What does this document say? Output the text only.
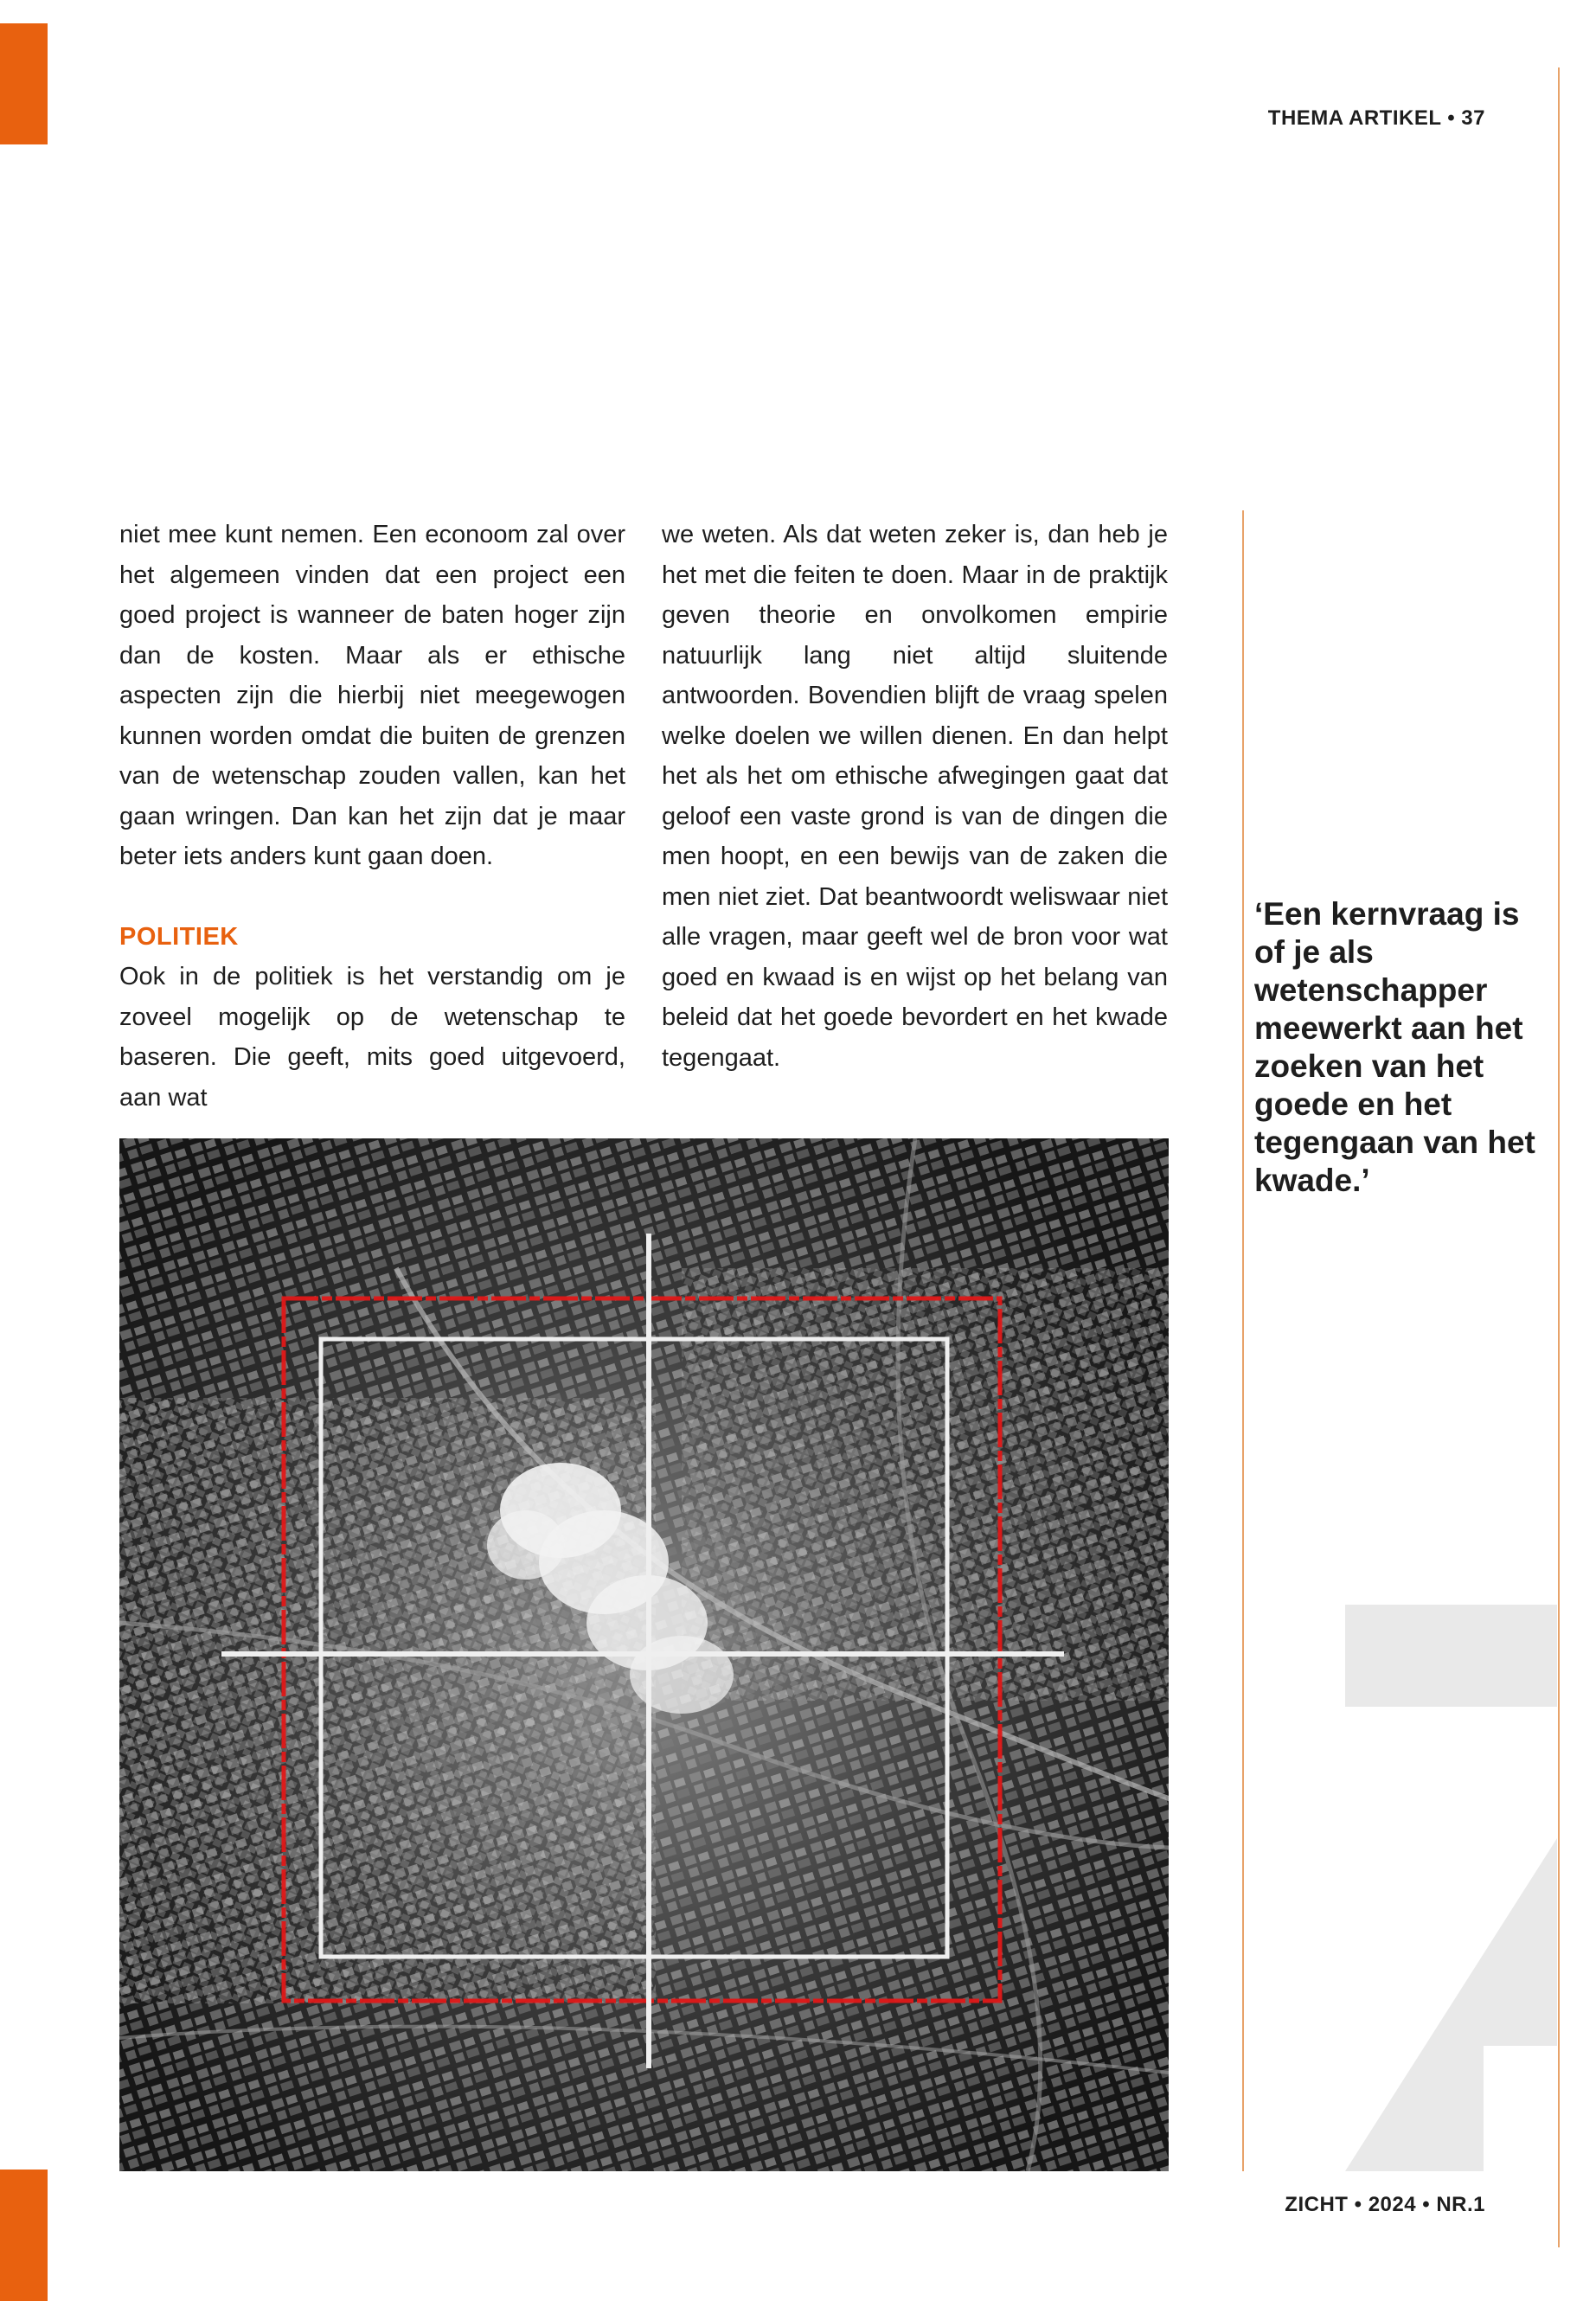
THEMA ARTIKEL • 37

niet mee kunt nemen. Een econoom zal over het algemeen vinden dat een project een goed project is wanneer de baten hoger zijn dan de kosten. Maar als er ethische aspecten zijn die hierbij niet meegewogen kunnen worden omdat die buiten de grenzen van de wetenschap zouden vallen, kan het gaan wringen. Dan kan het zijn dat je maar beter iets anders kunt gaan doen.

POLITIEK

Ook in de politiek is het verstandig om je zoveel mogelijk op de wetenschap te baseren. Die geeft, mits goed uitgevoerd, aan wat

we weten. Als dat weten zeker is, dan heb je het met die feiten te doen. Maar in de praktijk geven theorie en onvolkomen empirie natuurlijk lang niet altijd sluitende antwoorden. Bovendien blijft de vraag spelen welke doelen we willen dienen. En dan helpt het als het om ethische afwegingen gaat dat geloof een vaste grond is van de dingen die men hoopt, en een bewijs van de zaken die men niet ziet. Dat beantwoordt weliswaar niet alle vragen, maar geeft wel de bron voor wat goed en kwaad is en wijst op het belang van beleid dat het goede bevordert en het kwade tegengaat.

‘Een kernvraag is of je als wetenschapper meewerkt aan het zoeken van het goede en het tegengaan van het kwade.’
ZICHT • 2024 • NR.1
